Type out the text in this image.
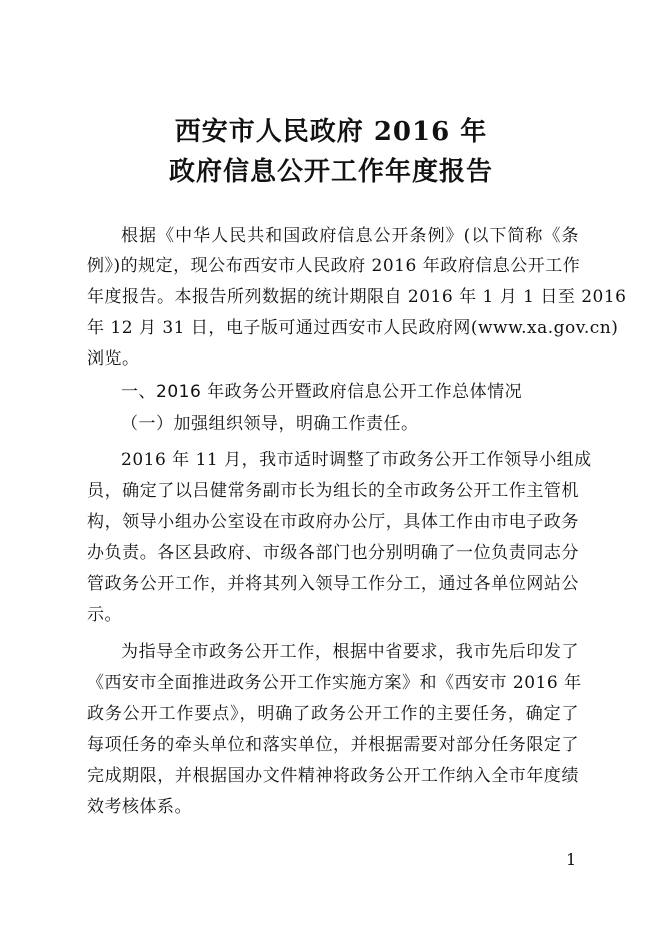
西安市人民政府 2016 年
政府信息公开工作年度报告
根据《中华人民共和国政府信息公开条例》(以下简称《条
例》)的规定，现公布西安市人民政府 2016 年政府信息公开工作
年度报告。本报告所列数据的统计期限自 2016 年 1 月 1 日至 2016
年 12 月 31 日，电子版可通过西安市人民政府网(www.xa.gov.cn)
浏览。
一、2016 年政务公开暨政府信息公开工作总体情况
（一）加强组织领导，明确工作责任。
2016 年 11 月，我市适时调整了市政务公开工作领导小组成
员，确定了以吕健常务副市长为组长的全市政务公开工作主管机
构，领导小组办公室设在市政府办公厅，具体工作由市电子政务
办负责。各区县政府、市级各部门也分别明确了一位负责同志分
管政务公开工作，并将其列入领导工作分工，通过各单位网站公
示。
为指导全市政务公开工作，根据中省要求，我市先后印发了
《西安市全面推进政务公开工作实施方案》和《西安市 2016 年
政务公开工作要点》，明确了政务公开工作的主要任务，确定了
每项任务的牵头单位和落实单位，并根据需要对部分任务限定了
完成期限，并根据国办文件精神将政务公开工作纳入全市年度绩
效考核体系。
1
